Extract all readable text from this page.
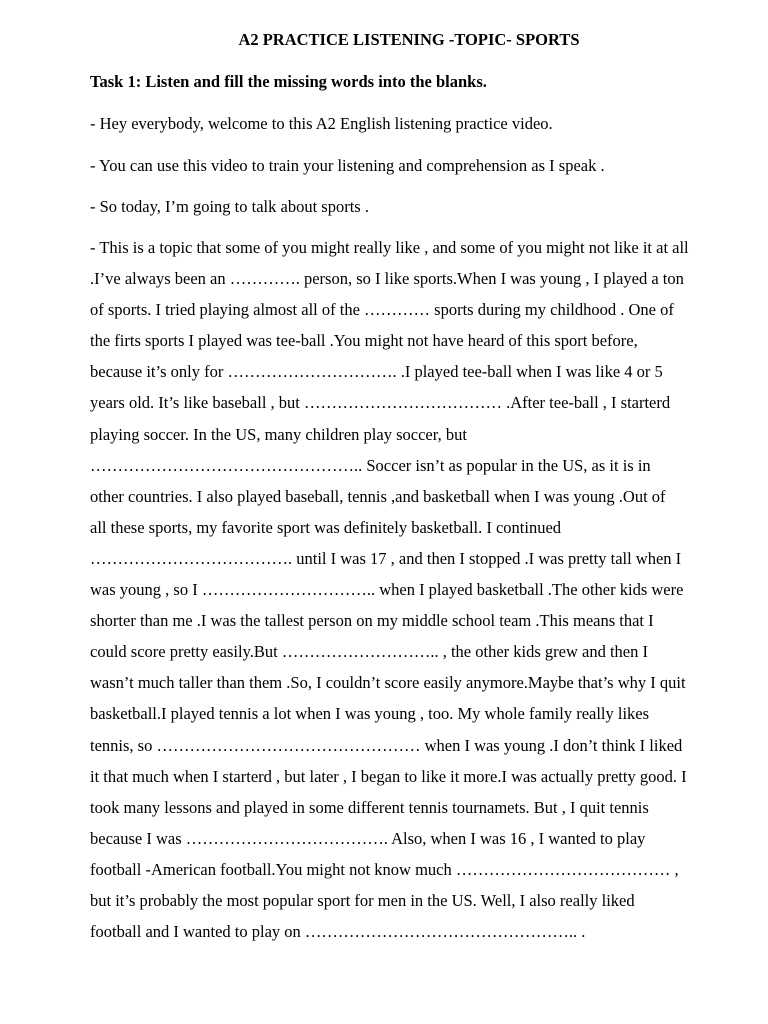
A2 PRACTICE LISTENING -TOPIC- SPORTS
Task 1: Listen and fill the missing words into the blanks.
- Hey everybody, welcome to this A2 English listening practice video.
- You can use this video to train your listening and comprehension as I speak .
- So today, I’m going to talk about sports .
- This is a topic that some of you might really like , and some of you might not like it at all
.I’ve always been an …………. person, so I like sports.When I was young , I played a ton
of sports. I tried playing almost all of the ………… sports during my childhood . One of
the firts sports I played was tee-ball .You might not have heard of this sport before,
because it’s only for …………………………. .I played tee-ball when I was like 4 or 5
years old. It’s like baseball , but ……………………………… .After tee-ball , I starterd
playing soccer. In the US, many children play soccer, but
………………………………………….. Soccer isn’t as popular in the US, as it is in
other countries. I also played baseball, tennis ,and basketball when I was young .Out of
all these sports, my favorite sport was definitely basketball. I continued
………………………………. until I was 17 , and then I stopped .I was pretty tall when I
was young , so I ………………………….. when I played basketball .The other kids were
shorter than me .I was the tallest person on my middle school team .This means that I
could score pretty easily.But ……………………….. , the other kids grew and then I
wasn’t much taller than them .So, I couldn’t score easily anymore.Maybe that’s why I quit
basketball.I played tennis a lot when I was young , too. My whole family really likes
tennis, so ………………………………………… when I was young .I don’t think I liked
it that much when I starterd , but later , I began to like it more.I was actually pretty good. I
took many lessons and played in some different tennis tournamets. But , I quit tennis
because I was ………………………………. Also, when I was 16 , I wanted to play
football -American football.You might not know much ………………………………… ,
but it’s probably the most popular sport for men in the US. Well, I also really liked
football and I wanted to play on ………………………………………….. .
